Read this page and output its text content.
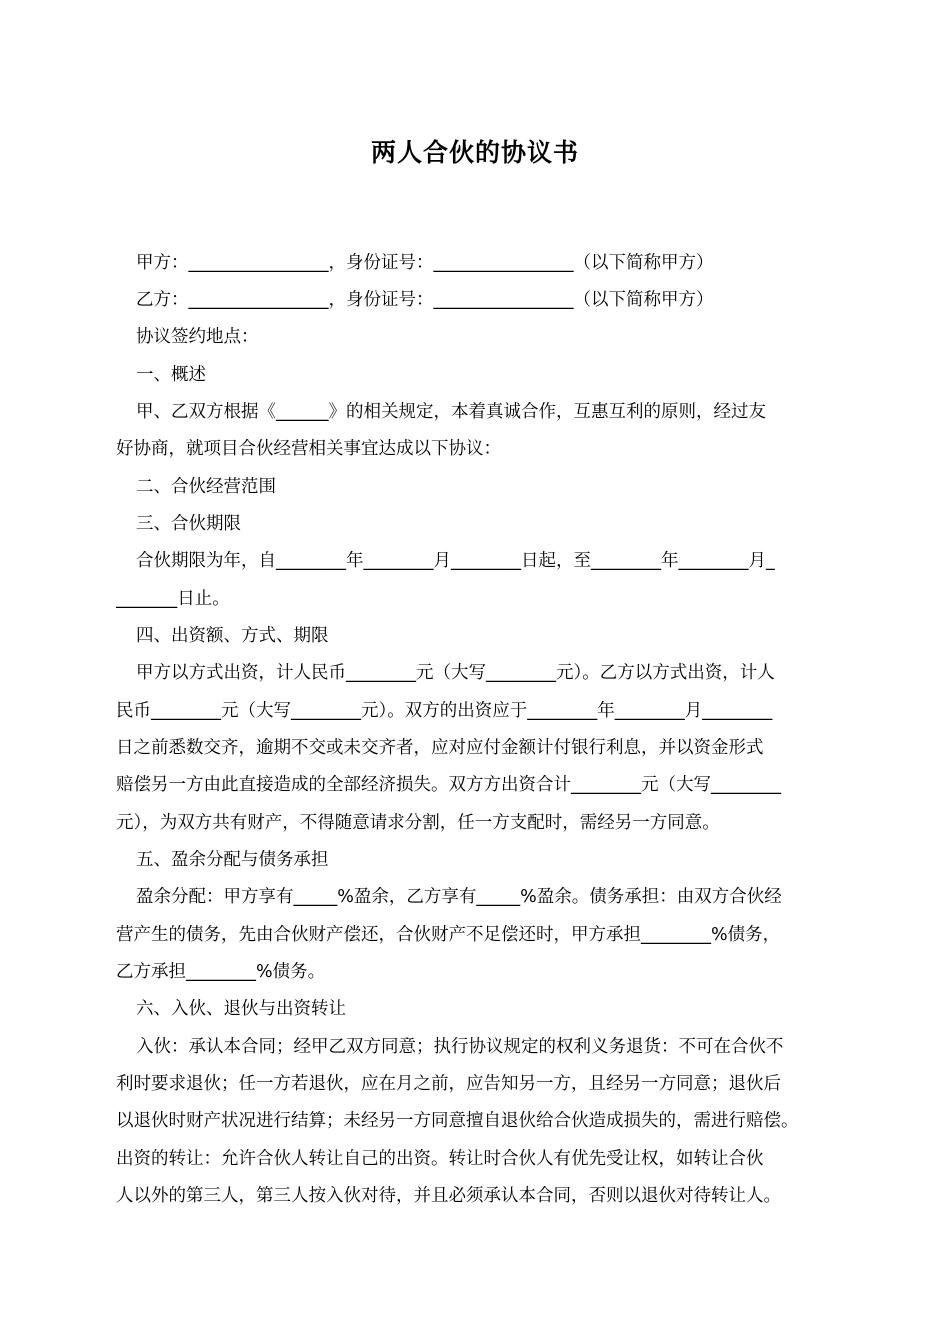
两人合伙的协议书
甲方：________________，身份证号：________________（以下简称甲方）
乙方：________________，身份证号：________________（以下简称甲方）
协议签约地点：
一、概述
甲、乙双方根据《______》的相关规定，本着真诚合作，互惠互利的原则，经过友
好协商，就项目合伙经营相关事宜达成以下协议：
二、合伙经营范围
三、合伙期限
合伙期限为年，自________年________月________日起，至________年________月_
_______日止。
四、出资额、方式、期限
甲方以方式出资，计人民币________元（大写________元）。乙方以方式出资，计人
民币________元（大写________元）。双方的出资应于________年________月________
日之前悉数交齐，逾期不交或未交齐者，应对应付金额计付银行利息，并以资金形式
赔偿另一方由此直接造成的全部经济损失。双方方出资合计________元（大写________
元），为双方共有财产，不得随意请求分割，任一方支配时，需经另一方同意。
五、盈余分配与债务承担
盈余分配：甲方享有_____%盈余，乙方享有_____%盈余。债务承担：由双方合伙经
营产生的债务，先由合伙财产偿还，合伙财产不足偿还时，甲方承担________%债务，
乙方承担________%债务。
六、入伙、退伙与出资转让
入伙：承认本合同；经甲乙双方同意；执行协议规定的权利义务退货：不可在合伙不
利时要求退伙；任一方若退伙，应在月之前，应告知另一方，且经另一方同意；退伙后
以退伙时财产状况进行结算；未经另一方同意擅自退伙给合伙造成损失的，需进行赔偿。
出资的转让：允许合伙人转让自己的出资。转让时合伙人有优先受让权，如转让合伙
人以外的第三人，第三人按入伙对待，并且必须承认本合同，否则以退伙对待转让人。
